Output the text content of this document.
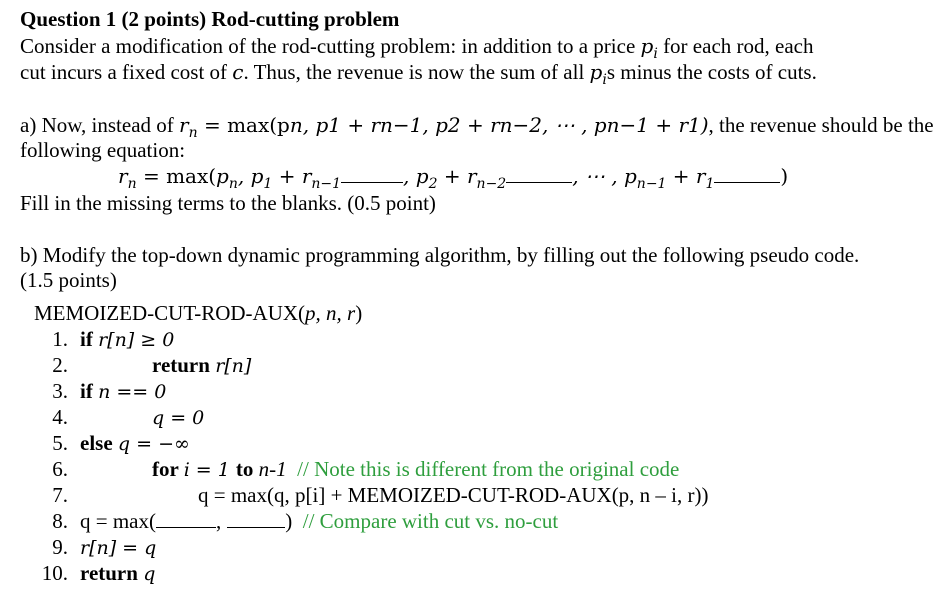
Question 1 (2 points) Rod-cutting problem
Consider a modification of the rod-cutting problem: in addition to a price $p_i$ for each rod, each
cut incurs a fixed cost of c. Thus, the revenue is now the sum of all $p_is$ minus the costs of cuts.
a) Now, instead of $r_n = \max(pn$, p1 + rn−1, p2 + rn−2, ⋯ , pn−1 + r1), the revenue should be the
following equation:
$r_n = \max(p_n$, $p_1 + r_{n-1}$	, $p_2 + r_{n-2}$	, ⋯ , $p_{n-1} + r_1$	)
Fill in the missing terms to the blanks. (0.5 point)
b) Modify the top-down dynamic programming algorithm, by filling out the following pseudo code.
(1.5 points)
MEMOIZED-CUT-ROD-AUX(p, n, r)
1. if r[n] ≥ 0
2.	return r[n]
3. if n == 0
4.	q = 0
5. else q = −∞
6.	for i = 1 to n-1 // Note this is different from the original code
7.	q = max(q, p[i] + MEMOIZED-CUT-ROD-AUX(p, n – i, r))
8. q = max(	,	) // Compare with cut vs. no-cut
9. r[n] = q
10. return q
